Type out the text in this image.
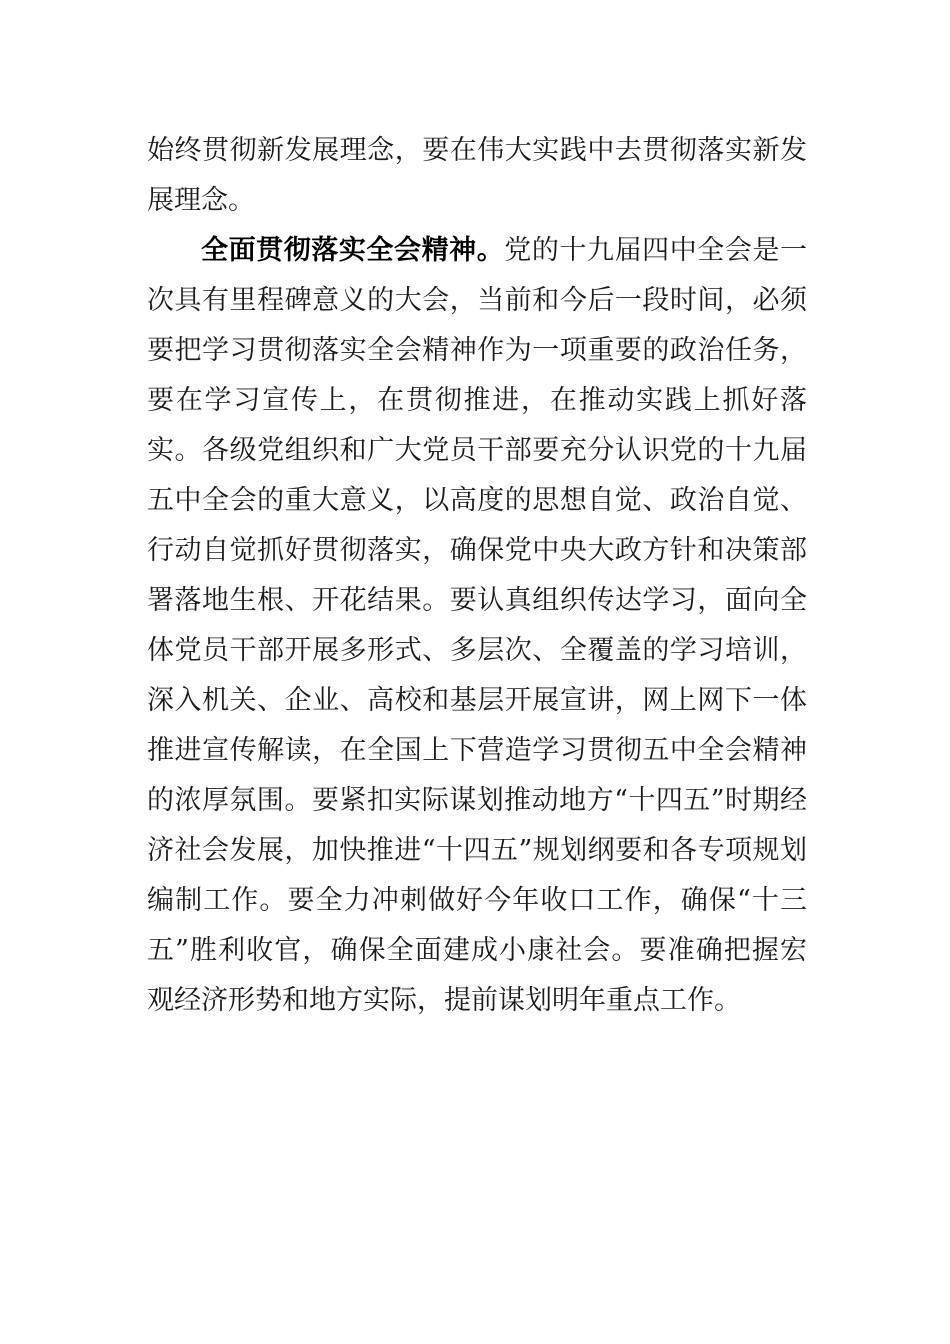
始终贯彻新发展理念，要在伟大实践中去贯彻落实新发展理念。

全面贯彻落实全会精神。党的十九届四中全会是一次具有里程碑意义的大会，当前和今后一段时间，必须要把学习贯彻落实全会精神作为一项重要的政治任务，要在学习宣传上，在贯彻推进，在推动实践上抓好落实。各级党组织和广大党员干部要充分认识党的十九届五中全会的重大意义，以高度的思想自觉、政治自觉、行动自觉抓好贯彻落实，确保党中央大政方针和决策部署落地生根、开花结果。要认真组织传达学习，面向全体党员干部开展多形式、多层次、全覆盖的学习培训，深入机关、企业、高校和基层开展宣讲，网上网下一体推进宣传解读，在全国上下营造学习贯彻五中全会精神的浓厚氛围。要紧扣实际谋划推动地方“十四五”时期经济社会发展，加快推进“十四五”规划纲要和各专项规划编制工作。要全力冲刺做好今年收口工作，确保“十三五”胜利收官，确保全面建成小康社会。要准确把握宏观经济形势和地方实际，提前谋划明年重点工作。
